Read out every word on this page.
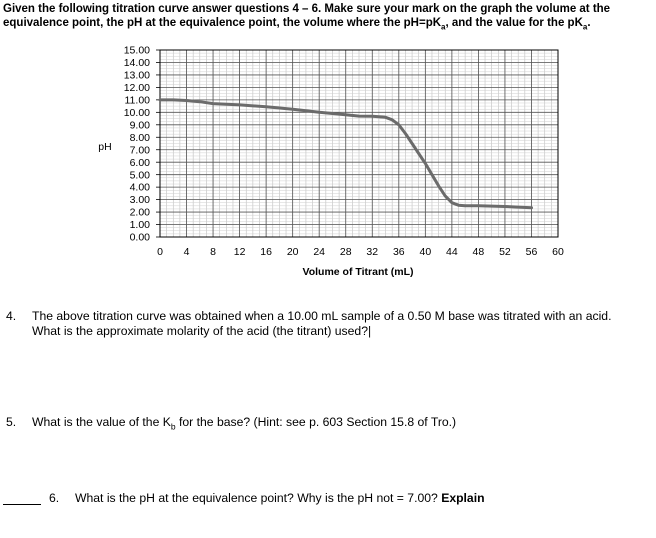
Given the following titration curve answer questions 4 – 6. Make sure your mark on the graph the volume at the
equivalence point, the pH at the equivalence point, the volume where the $pH=pK_a$, and the value for the $pK_a$.
0.00
1.00
2.00
3.00
4.00
5.00
6.00
7.00
8.00
9.00
10.00
11.00
12.00
13.00
14.00
15.00
0 4 8 12 16 20 24 28 32 36 40 44 48 52 56 60
pH
Volume of Titrant (mL)
4. The above titration curve was obtained when a 10.00 mL sample of a 0.50 M base was titrated with an acid.
What is the approximate molarity of the acid (the titrant) used?|
5. What is the value of the $K_b$ for the base? (Hint: see p. 603 Section 15.8 of Tro.)
6. What is the pH at the equivalence point? Why is the pH not = 7.00? Explain
